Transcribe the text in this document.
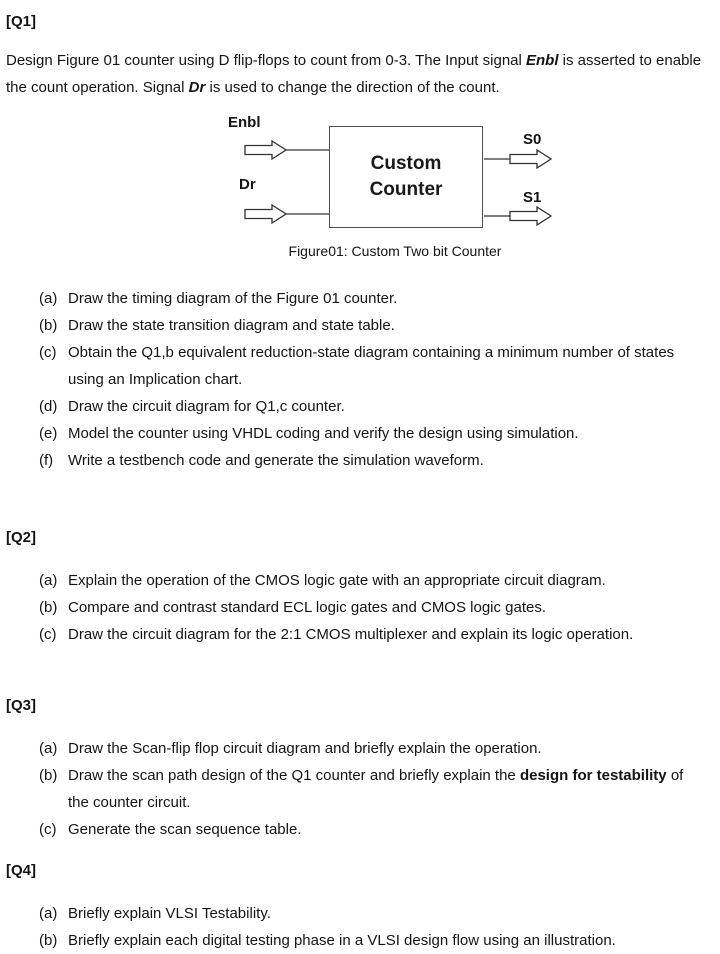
[Q1]

Design Figure 01 counter using D flip-flops to count from 0-3. The Input signal Enbl is asserted to enable the count operation. Signal Dr is used to change the direction of the count.

Enbl
Dr
Custom
Counter
S0
S1
Figure01: Custom Two bit Counter
(a) Draw the timing diagram of the Figure 01 counter.
(b) Draw the state transition diagram and state table.
(c) Obtain the Q1,b equivalent reduction-state diagram containing a minimum number of states using an Implication chart.
(d) Draw the circuit diagram for Q1,c counter.
(e) Model the counter using VHDL coding and verify the design using simulation.
(f) Write a testbench code and generate the simulation waveform.
[Q2]
(a) Explain the operation of the CMOS logic gate with an appropriate circuit diagram.
(b) Compare and contrast standard ECL logic gates and CMOS logic gates.
(c) Draw the circuit diagram for the 2:1 CMOS multiplexer and explain its logic operation.
[Q3]
(a) Draw the Scan-flip flop circuit diagram and briefly explain the operation.
(b) Draw the scan path design of the Q1 counter and briefly explain the design for testability of the counter circuit.
(c) Generate the scan sequence table.
[Q4]
(a) Briefly explain VLSI Testability.
(b) Briefly explain each digital testing phase in a VLSI design flow using an illustration.
